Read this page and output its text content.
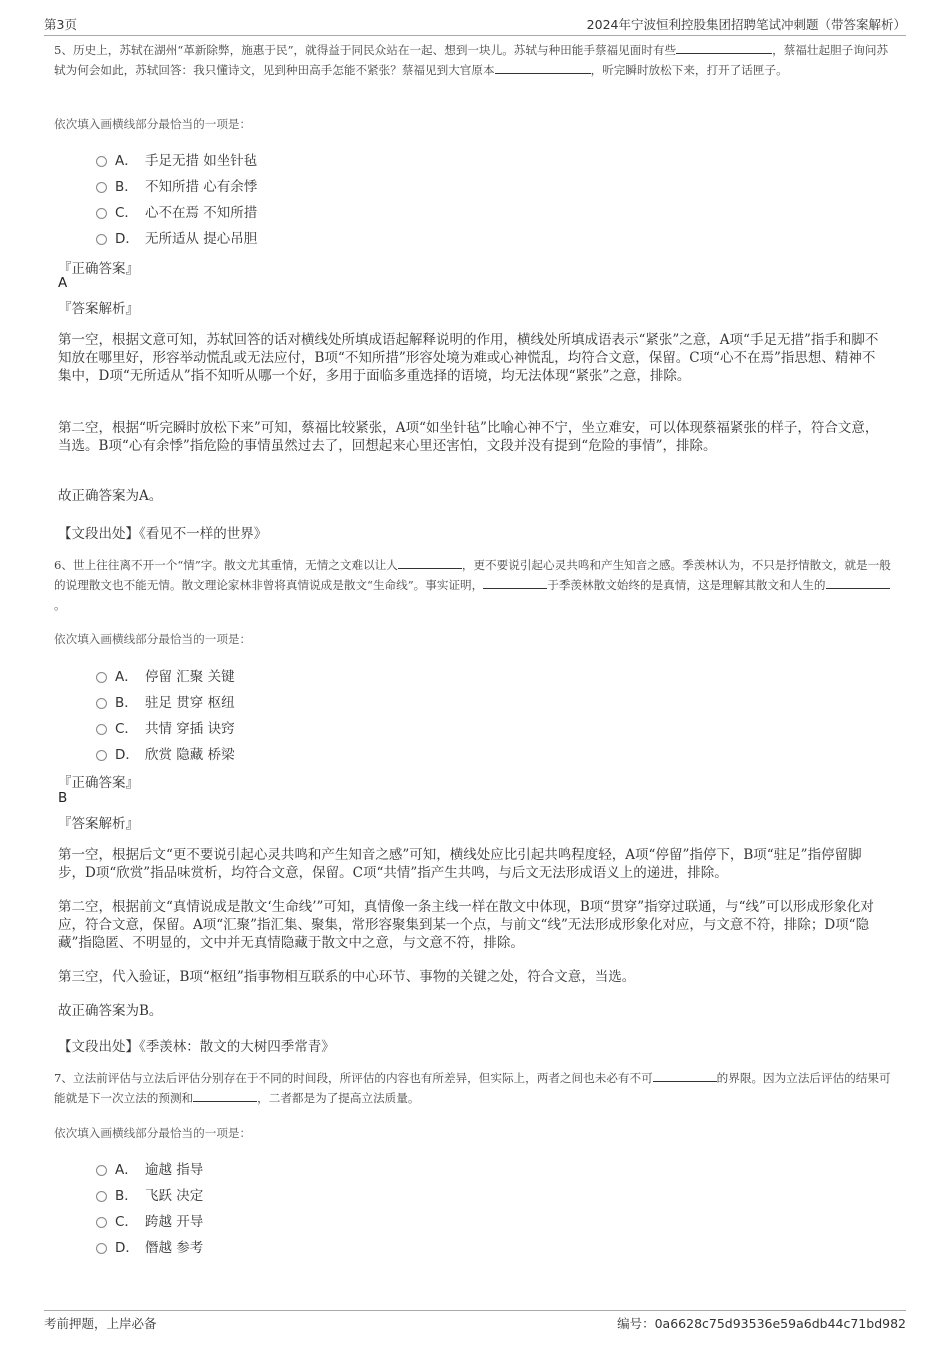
第3页	2024年宁波恒利控股集团招聘笔试冲刺题（带答案解析）
5、历史上，苏轼在湖州“革新除弊，施惠于民”，就得益于同民众站在一起、想到一块儿。苏轼与种田能手蔡福见面时有些	，蔡福壮起胆子询问苏轼为何会如此，苏轼回答：我只懂诗文，见到种田高手怎能不紧张？蔡福见到大官原本	，听完瞬时放松下来，打开了话匣子。
依次填入画横线部分最恰当的一项是：
A． 手足无措 如坐针毡
B． 不知所措 心有余悸
C． 心不在焉 不知所措
D． 无所适从 提心吊胆
『正确答案』
A
『答案解析』
第一空，根据文意可知，苏轼回答的话对横线处所填成语起解释说明的作用，横线处所填成语表示“紧张”之意，A项“手足无措”指手和脚不知放在哪里好，形容举动慌乱或无法应付，B项“不知所措”形容处境为难或心神慌乱，均符合文意，保留。C项“心不在焉”指思想、精神不集中，D项“无所适从”指不知听从哪一个好，多用于面临多重选择的语境，均无法体现“紧张”之意，排除。
第二空，根据“听完瞬时放松下来”可知，蔡福比较紧张，A项“如坐针毡”比喻心神不宁，坐立难安，可以体现蔡福紧张的样子，符合文意，当选。B项“心有余悸”指危险的事情虽然过去了，回想起来心里还害怕，文段并没有提到“危险的事情”，排除。
故正确答案为A。
【文段出处】《看见不一样的世界》
6、世上往往离不开一个“情”字。散文尤其重情，无情之文难以让人	，更不要说引起心灵共鸣和产生知音之感。季羡林认为，不只是抒情散文，就是一般的说理散文也不能无情。散文理论家林非曾将真情说成是散文“生命线”。事实证明，	于季羡林散文始终的是真情，这是理解其散文和人生的。
依次填入画横线部分最恰当的一项是：
A． 停留 汇聚 关键
B． 驻足 贯穿 枢纽
C． 共情 穿插 诀窍
D． 欣赏 隐藏 桥梁
『正确答案』
B
『答案解析』
第一空，根据后文“更不要说引起心灵共鸣和产生知音之感”可知，横线处应比引起共鸣程度轻，A项“停留”指停下，B项“驻足”指停留脚步，D项“欣赏”指品味赏析，均符合文意，保留。C项“共情”指产生共鸣，与后文无法形成语义上的递进，排除。
第二空，根据前文“真情说成是散文‘生命线’”可知，真情像一条主线一样在散文中体现，B项“贯穿”指穿过联通，与“线”可以形成形象化对应，符合文意，保留。A项“汇聚”指汇集、聚集，常形容聚集到某一个点，与前文“线”无法形成形象化对应，与文意不符，排除；D项“隐藏”指隐匿、不明显的，文中并无真情隐藏于散文中之意，与文意不符，排除。
第三空，代入验证，B项“枢纽”指事物相互联系的中心环节、事物的关键之处，符合文意，当选。
故正确答案为B。
【文段出处】《季羡林：散文的大树四季常青》
7、立法前评估与立法后评估分别存在于不同的时间段，所评估的内容也有所差异，但实际上，两者之间也未必有不可	的界限。因为立法后评估的结果可能就是下一次立法的预测和	，二者都是为了提高立法质量。
依次填入画横线部分最恰当的一项是：
A． 逾越 指导
B． 飞跃 决定
C． 跨越 开导
D． 僭越 参考
考前押题，上岸必备	编号：0a6628c75d93536e59a6db44c71bd982
